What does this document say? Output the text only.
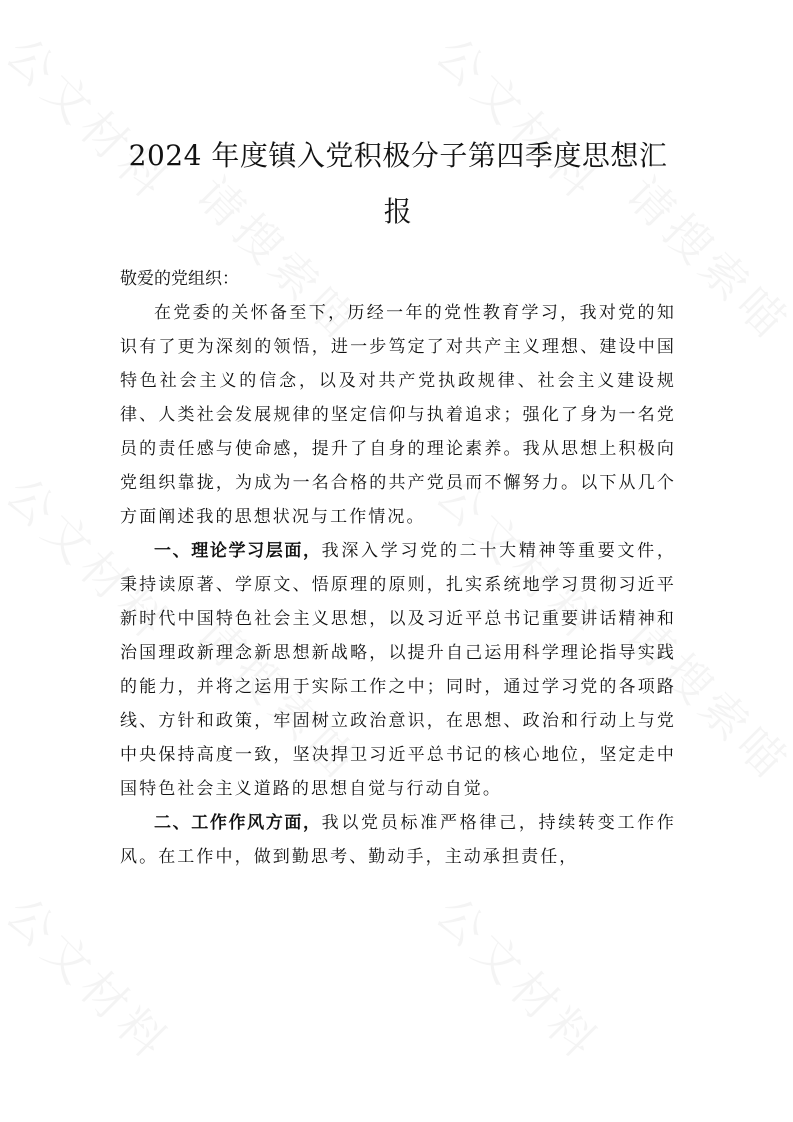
2024 年度镇入党积极分子第四季度思想汇
报

敬爱的党组织：

在党委的关怀备至下，历经一年的党性教育学习，我对党的知识有了更为深刻的领悟，进一步笃定了对共产主义理想、建设中国特色社会主义的信念，以及对共产党执政规律、社会主义建设规律、人类社会发展规律的坚定信仰与执着追求；强化了身为一名党员的责任感与使命感，提升了自身的理论素养。我从思想上积极向党组织靠拢，为成为一名合格的共产党员而不懈努力。以下从几个方面阐述我的思想状况与工作情况。

一、理论学习层面，我深入学习党的二十大精神等重要文件，秉持读原著、学原文、悟原理的原则，扎实系统地学习贯彻习近平新时代中国特色社会主义思想，以及习近平总书记重要讲话精神和治国理政新理念新思想新战略，以提升自己运用科学理论指导实践的能力，并将之运用于实际工作之中；同时，通过学习党的各项路线、方针和政策，牢固树立政治意识，在思想、政治和行动上与党中央保持高度一致，坚决捍卫习近平总书记的核心地位，坚定走中国特色社会主义道路的思想自觉与行动自觉。

二、工作作风方面，我以党员标准严格律己，持续转变工作作风。在工作中，做到勤思考、勤动手，主动承担责任，
